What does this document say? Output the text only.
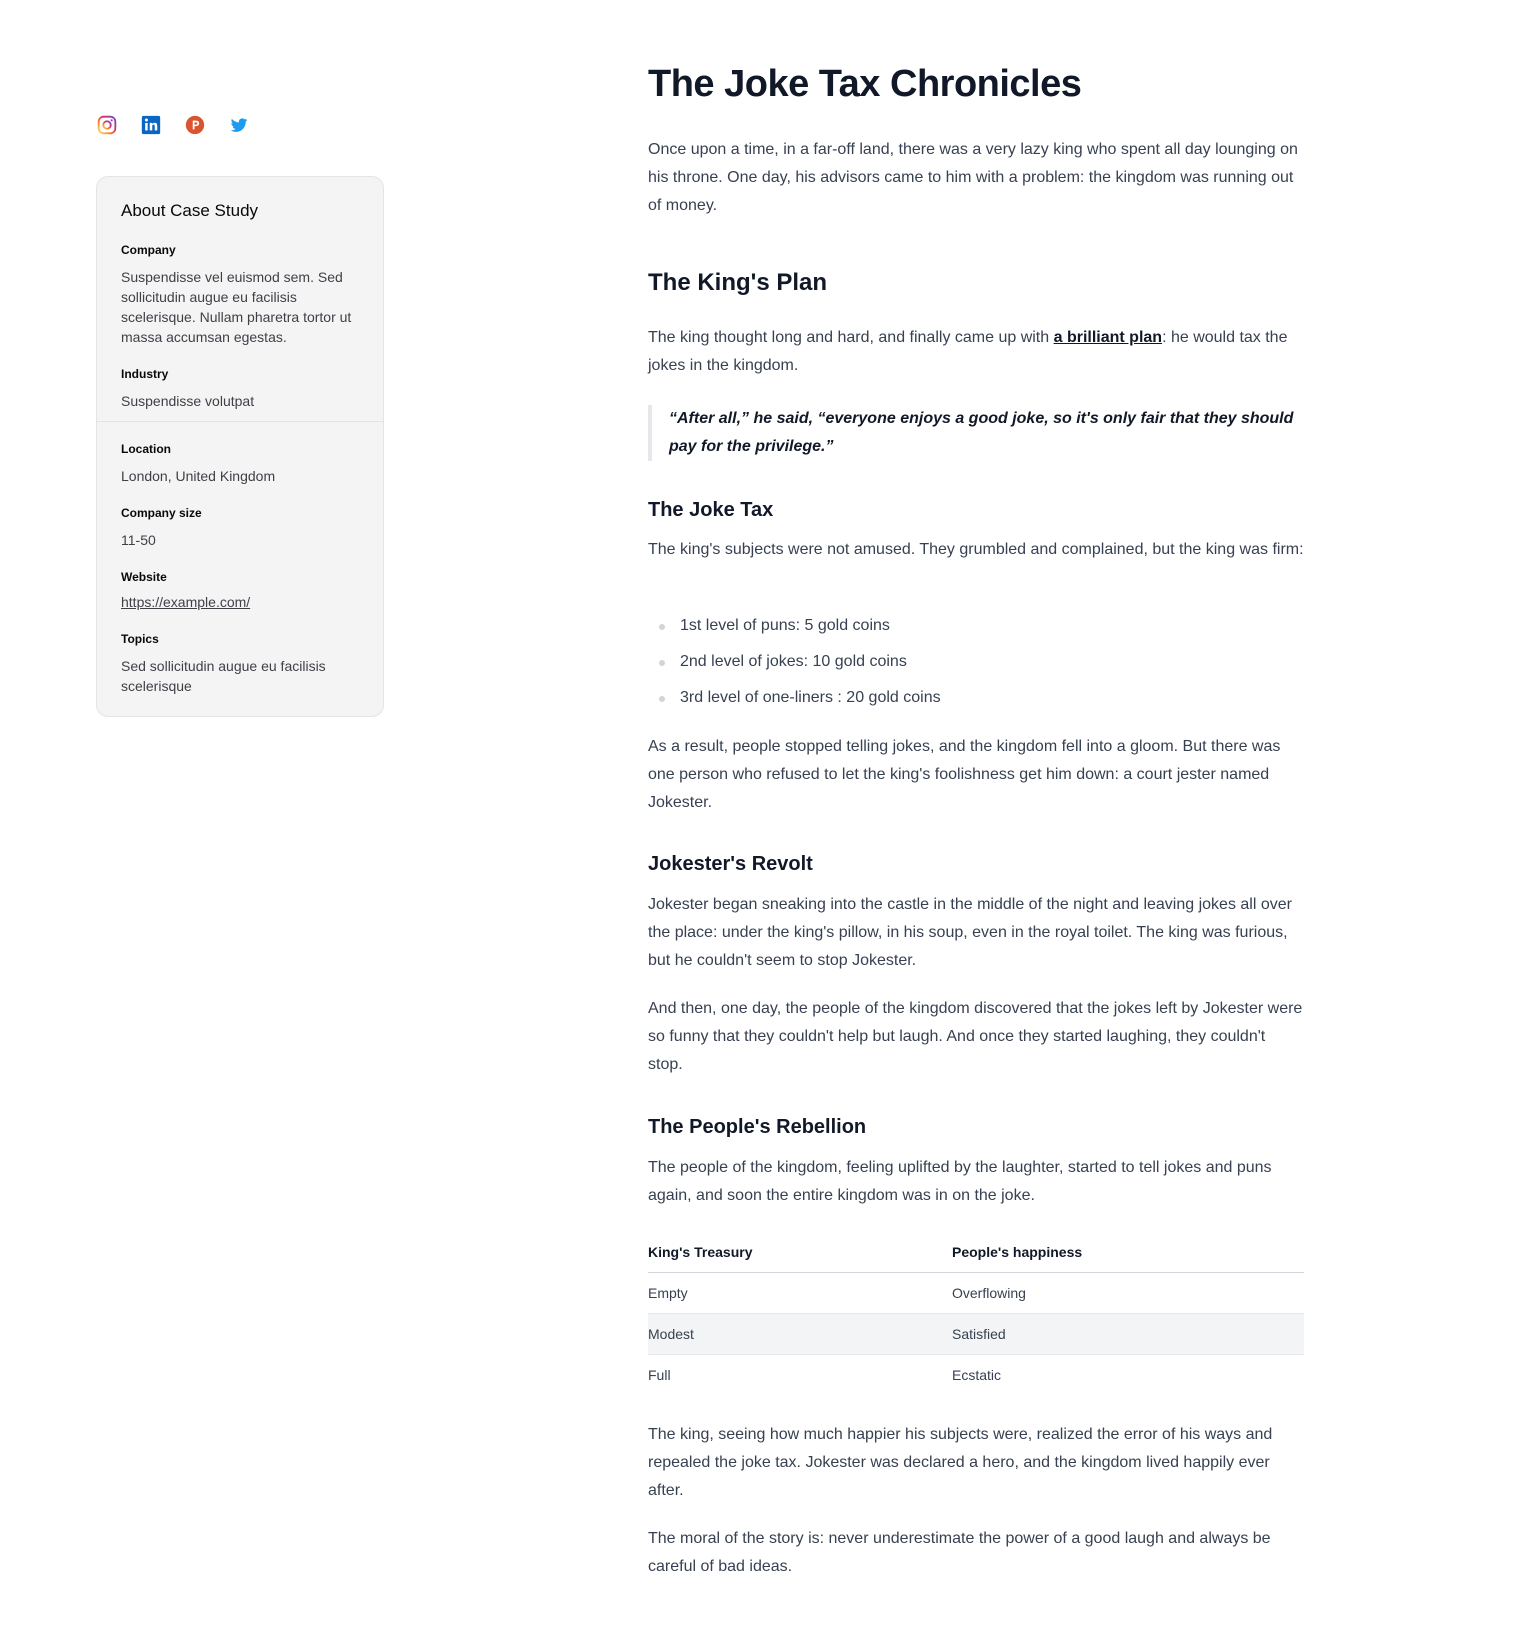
About Case Study
Company
Suspendisse vel euismod sem. Sed sollicitudin augue eu facilisis scelerisque. Nullam pharetra tortor ut massa accumsan egestas.
Industry
Suspendisse volutpat
Location
London, United Kingdom
Company size
11-50
Website
https://example.com/
Topics
Sed sollicitudin augue eu facilisis scelerisque
The Joke Tax Chronicles

Once upon a time, in a far-off land, there was a very lazy king who spent all day lounging on his throne. One day, his advisors came to him with a problem: the kingdom was running out of money.

The King's Plan

The king thought long and hard, and finally came up with a brilliant plan: he would tax the jokes in the kingdom.

“After all,” he said, “everyone enjoys a good joke, so it's only fair that they should pay for the privilege.”
The Joke Tax

The king's subjects were not amused. They grumbled and complained, but the king was firm:

1st level of puns: 5 gold coins
2nd level of jokes: 10 gold coins
3rd level of one-liners : 20 gold coins

As a result, people stopped telling jokes, and the kingdom fell into a gloom. But there was one person who refused to let the king's foolishness get him down: a court jester named Jokester.

Jokester's Revolt

Jokester began sneaking into the castle in the middle of the night and leaving jokes all over the place: under the king's pillow, in his soup, even in the royal toilet. The king was furious, but he couldn't seem to stop Jokester.

And then, one day, the people of the kingdom discovered that the jokes left by Jokester were so funny that they couldn't help but laugh. And once they started laughing, they couldn't stop.

The People's Rebellion

The people of the kingdom, feeling uplifted by the laughter, started to tell jokes and puns again, and soon the entire kingdom was in on the joke.

King's Treasury	People's happiness
Empty	Overflowing
Modest	Satisfied
Full	Ecstatic

The king, seeing how much happier his subjects were, realized the error of his ways and repealed the joke tax. Jokester was declared a hero, and the kingdom lived happily ever after.

The moral of the story is: never underestimate the power of a good laugh and always be careful of bad ideas.
